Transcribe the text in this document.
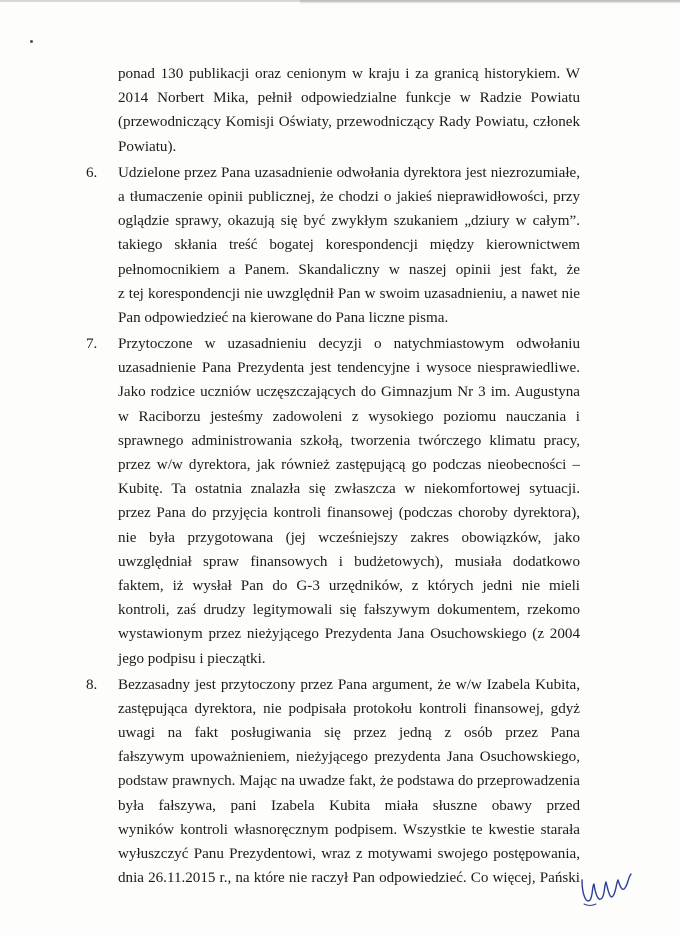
ponad 130 publikacji oraz cenionym w kraju i za granicą historykiem. W
2014 Norbert Mika, pełnił odpowiedzialne funkcje w Radzie Powiatu
(przewodniczący Komisji Oświaty, przewodniczący Rady Powiatu, członek
Powiatu).
6. Udzielone przez Pana uzasadnienie odwołania dyrektora jest niezrozumiałe,
a tłumaczenie opinii publicznej, że chodzi o jakieś nieprawidłowości, przy
oglądzie sprawy, okazują się być zwykłym szukaniem „dziury w całym”.
takiego skłania treść bogatej korespondencji między kierownictwem
pełnomocnikiem a Panem. Skandaliczny w naszej opinii jest fakt, że
z tej korespondencji nie uwzględnił Pan w swoim uzasadnieniu, a nawet nie
Pan odpowiedzieć na kierowane do Pana liczne pisma.
7. Przytoczone w uzasadnieniu decyzji o natychmiastowym odwołaniu
uzasadnienie Pana Prezydenta jest tendencyjne i wysoce niesprawiedliwe.
Jako rodzice uczniów uczęszczających do Gimnazjum Nr 3 im. Augustyna
w Raciborzu jesteśmy zadowoleni z wysokiego poziomu nauczania i
sprawnego administrowania szkołą, tworzenia twórczego klimatu pracy,
przez w/w dyrektora, jak również zastępującą go podczas nieobecności –
Kubitę. Ta ostatnia znalazła się zwłaszcza w niekomfortowej sytuacji.
przez Pana do przyjęcia kontroli finansowej (podczas choroby dyrektora),
nie była przygotowana (jej wcześniejszy zakres obowiązków, jako
uwzględniał spraw finansowych i budżetowych), musiała dodatkowo
faktem, iż wysłał Pan do G-3 urzędników, z których jedni nie mieli
kontroli, zaś drudzy legitymowali się fałszywym dokumentem, rzekomo
wystawionym przez nieżyjącego Prezydenta Jana Osuchowskiego (z 2004
jego podpisu i pieczątki.
8. Bezzasadny jest przytoczony przez Pana argument, że w/w Izabela Kubita,
zastępująca dyrektora, nie podpisała protokołu kontroli finansowej, gdyż
uwagi na fakt posługiwania się przez jedną z osób przez Pana
fałszywym upoważnieniem, nieżyjącego prezydenta Jana Osuchowskiego,
podstaw prawnych. Mając na uwadze fakt, że podstawa do przeprowadzenia
była fałszywa, pani Izabela Kubita miała słuszne obawy przed
wyników kontroli własnoręcznym podpisem. Wszystkie te kwestie starała
wyłuszczyć Panu Prezydentowi, wraz z motywami swojego postępowania,
dnia 26.11.2015 r., na które nie raczył Pan odpowiedzieć. Co więcej, Pański
